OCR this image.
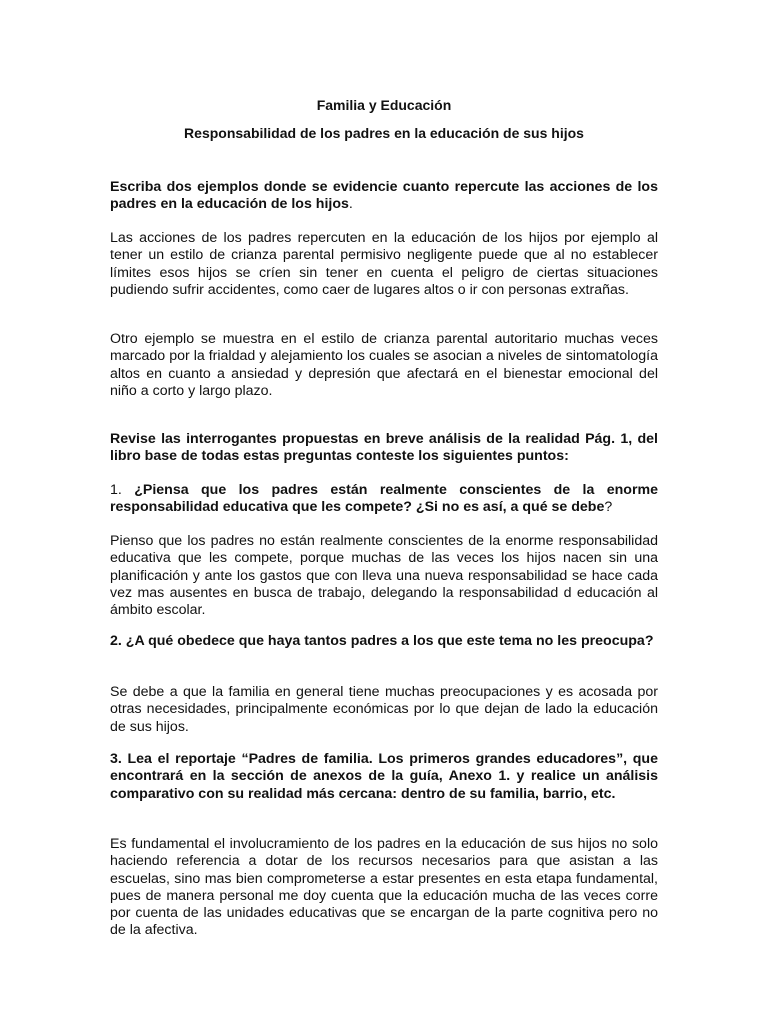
Familia y Educación
Responsabilidad de los padres en la educación de sus hijos
Escriba dos ejemplos donde se evidencie cuanto repercute las acciones de los padres en la educación de los hijos.
Las acciones de los padres repercuten en la educación de los hijos por ejemplo al tener un estilo de crianza parental permisivo negligente puede que al no establecer límites esos hijos se críen sin tener en cuenta el peligro de ciertas situaciones pudiendo sufrir accidentes, como caer de lugares altos o ir con personas extrañas.
Otro ejemplo se muestra en el estilo de crianza parental autoritario muchas veces marcado por la frialdad y alejamiento los cuales se asocian a niveles de sintomatología altos en cuanto a ansiedad y depresión que afectará en el bienestar emocional del niño a corto y largo plazo.
Revise las interrogantes propuestas en breve análisis de la realidad Pág. 1, del libro base de todas estas preguntas conteste los siguientes puntos:
1. ¿Piensa que los padres están realmente conscientes de la enorme responsabilidad educativa que les compete? ¿Si no es así, a qué se debe?
Pienso que los padres no están realmente conscientes de la enorme responsabilidad educativa que les compete, porque muchas de las veces los hijos nacen sin una planificación y ante los gastos que con lleva una nueva responsabilidad se hace cada vez mas ausentes en busca de trabajo, delegando la responsabilidad d educación al ámbito escolar.
2. ¿A qué obedece que haya tantos padres a los que este tema no les preocupa?
Se debe a que la familia en general tiene muchas preocupaciones y es acosada por otras necesidades, principalmente económicas por lo que dejan de lado la educación de sus hijos.
3. Lea el reportaje “Padres de familia. Los primeros grandes educadores”, que encontrará en la sección de anexos de la guía, Anexo 1. y realice un análisis comparativo con su realidad más cercana: dentro de su familia, barrio, etc.
Es fundamental el involucramiento de los padres en la educación de sus hijos no solo haciendo referencia a dotar de los recursos necesarios para que asistan a las escuelas, sino mas bien comprometerse a estar presentes en esta etapa fundamental, pues de manera personal me doy cuenta que la educación mucha de las veces corre por cuenta de las unidades educativas que se encargan de la parte cognitiva pero no de la afectiva.
